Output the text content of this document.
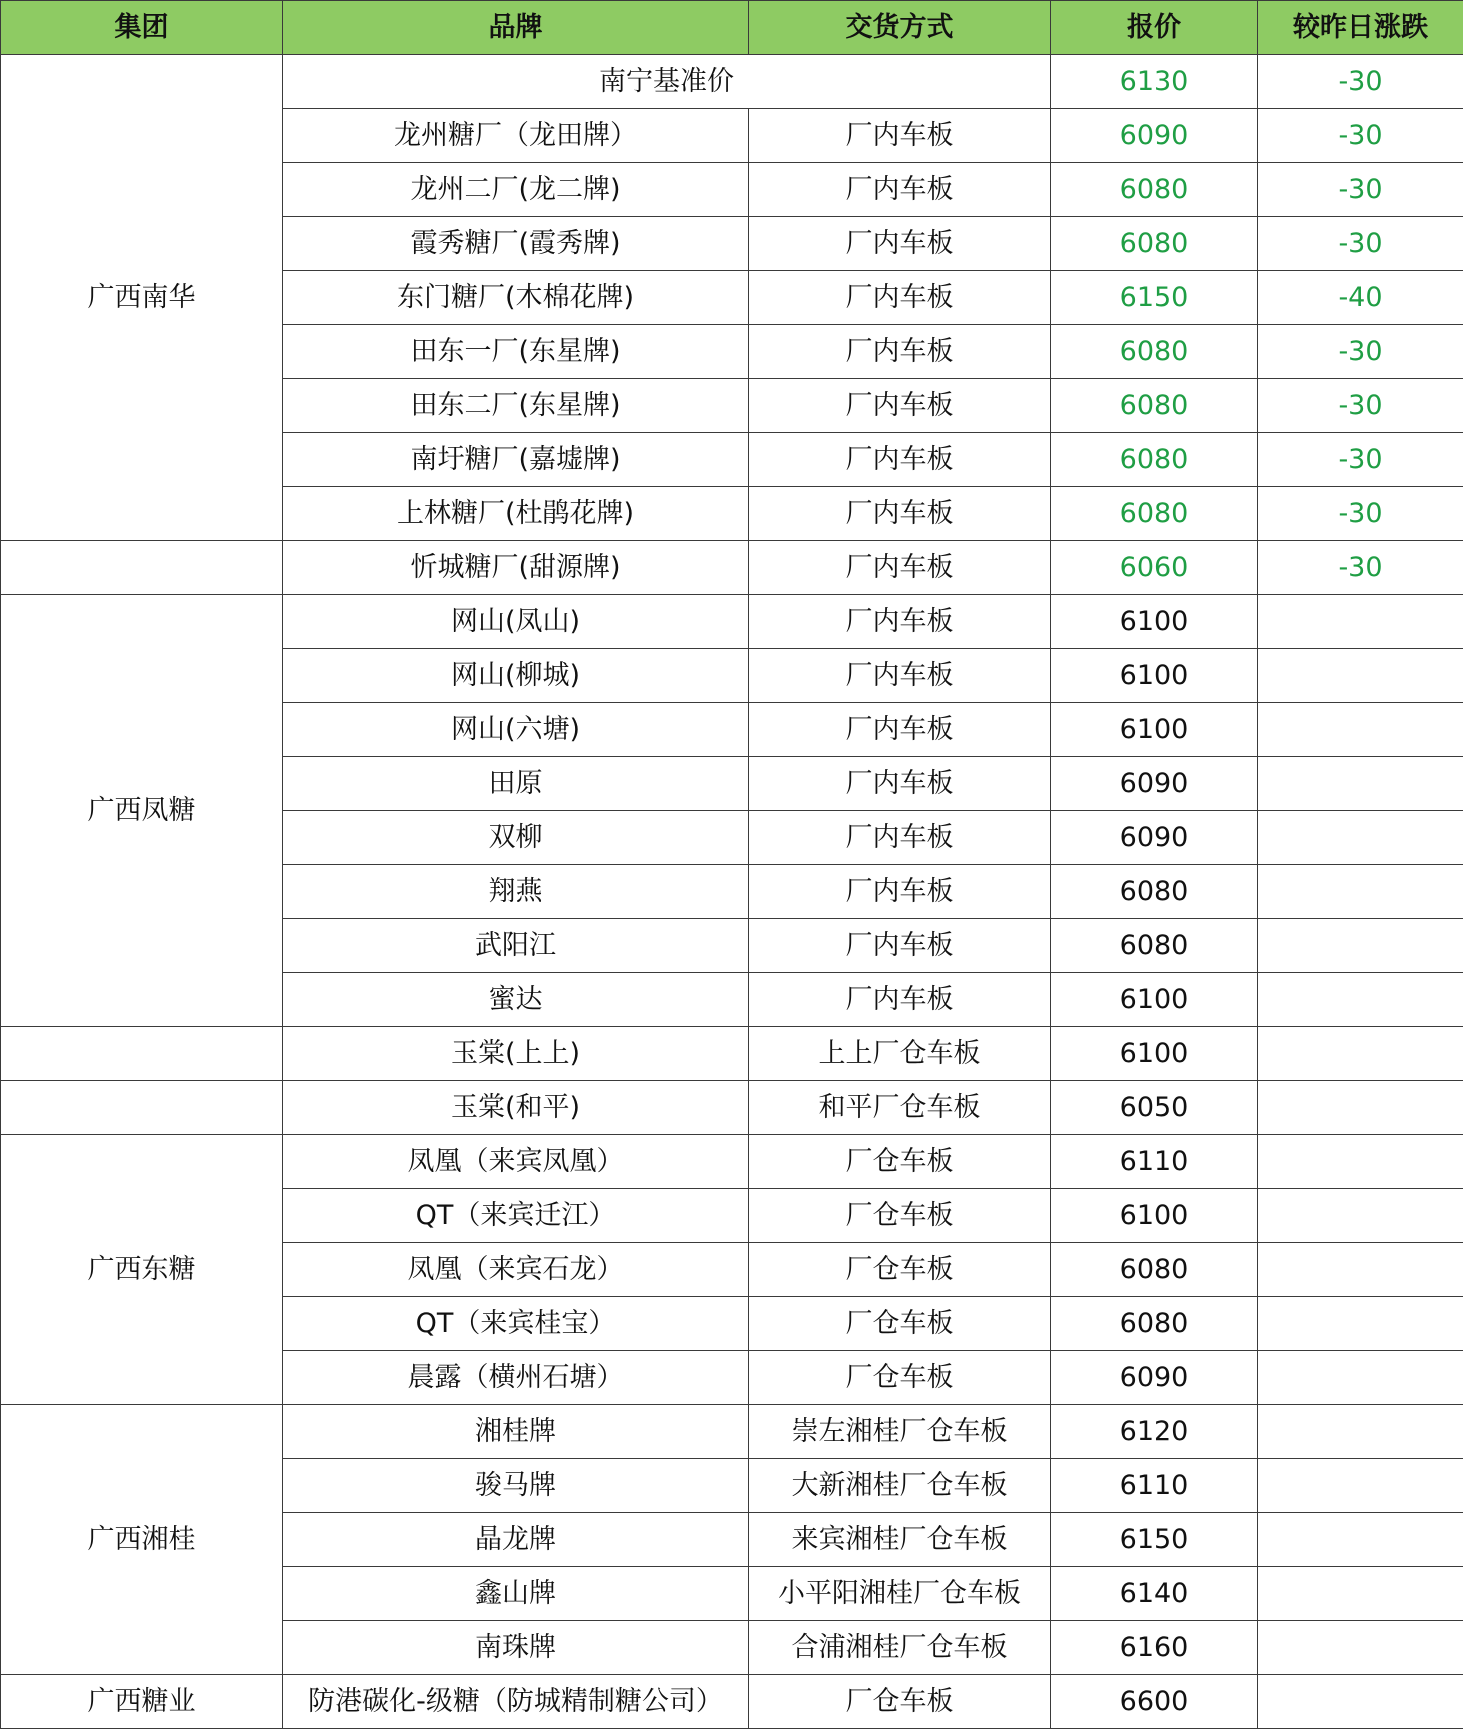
集团	品牌	交货方式	报价	较昨日涨跌
广西南华	南宁基准价		6130	-30
	龙州糖厂（龙田牌）	厂内车板	6090	-30
	龙州二厂(龙二牌)	厂内车板	6080	-30
	霞秀糖厂(霞秀牌)	厂内车板	6080	-30
	东门糖厂(木棉花牌)	厂内车板	6150	-40
	田东一厂(东星牌)	厂内车板	6080	-30
	田东二厂(东星牌)	厂内车板	6080	-30
	南圩糖厂(嘉墟牌)	厂内车板	6080	-30
	上林糖厂(杜鹃花牌)	厂内车板	6080	-30
	忻城糖厂(甜源牌)	厂内车板	6060	-30
广西凤糖	网山(凤山)	厂内车板	6100	
	网山(柳城)	厂内车板	6100	
	网山(六塘)	厂内车板	6100	
	田原	厂内车板	6090	
	双柳	厂内车板	6090	
	翔燕	厂内车板	6080	
	武阳江	厂内车板	6080	
	蜜达	厂内车板	6100	
	玉棠(上上)	上上厂仓车板	6100	
	玉棠(和平)	和平厂仓车板	6050	
广西东糖	凤凰（来宾凤凰）	厂仓车板	6110	
	QT（来宾迁江）	厂仓车板	6100	
	凤凰（来宾石龙）	厂仓车板	6080	
	QT（来宾桂宝）	厂仓车板	6080	
	晨露（横州石塘）	厂仓车板	6090	
广西湘桂	湘桂牌	崇左湘桂厂仓车板	6120	
	骏马牌	大新湘桂厂仓车板	6110	
	晶龙牌	来宾湘桂厂仓车板	6150	
	鑫山牌	小平阳湘桂厂仓车板	6140	
	南珠牌	合浦湘桂厂仓车板	6160	
广西糖业	防港碳化-级糖（防城精制糖公司）	厂仓车板	6600	
